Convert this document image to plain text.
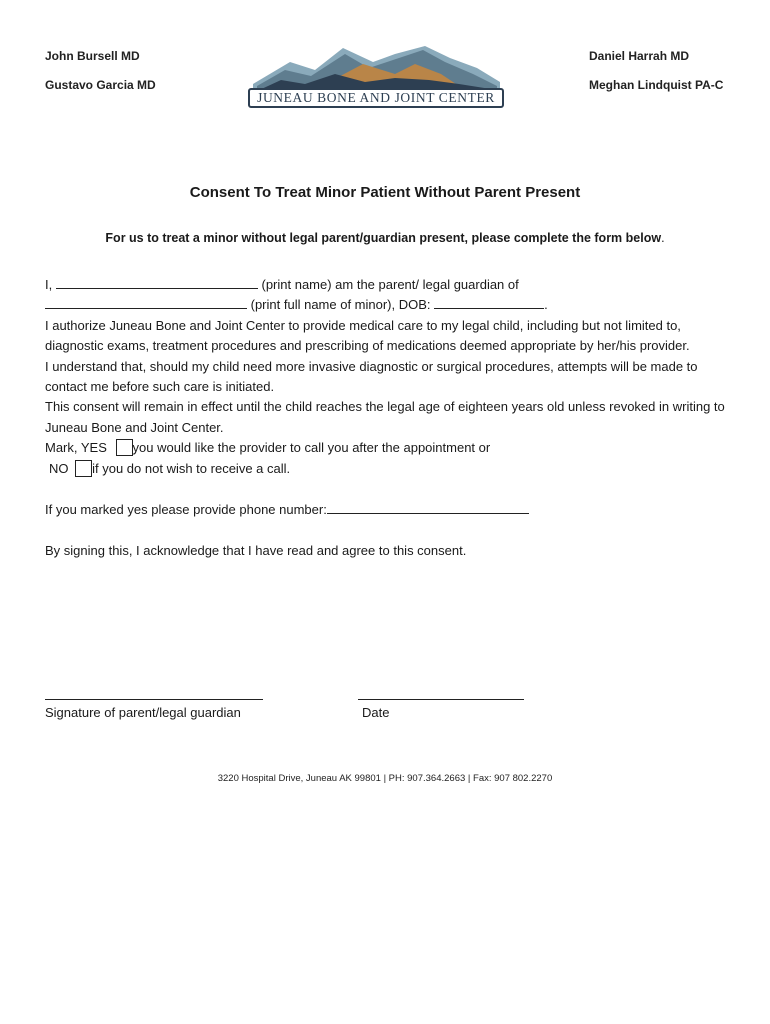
John Bursell MD
Gustavo Garcia MD
Daniel Harrah MD
Meghan Lindquist PA-C
JUNEAU BONE AND JOINT CENTER
Consent To Treat Minor Patient Without Parent Present
For us to treat a minor without legal parent/guardian present, please complete the form below.

I,	(print name) am the parent/ legal guardian of

(print full name of minor), DOB:	.

I authorize Juneau Bone and Joint Center to provide medical care to my legal child, including but not limited to, diagnostic exams, treatment procedures and prescribing of medications deemed appropriate by her/his provider.

I understand that, should my child need more invasive diagnostic or surgical procedures, attempts will be made to contact me before such care is initiated.

This consent will remain in effect until the child reaches the legal age of eighteen years old unless revoked in writing to Juneau Bone and Joint Center.

Mark, YES you would like the provider to call you after the appointment or

NO if you do not wish to receive a call.

If you marked yes please provide phone number:

By signing this, I acknowledge that I have read and agree to this consent.

Signature of parent/legal guardian	Date
3220 Hospital Drive, Juneau AK 99801 | PH: 907.364.2663 | Fax: 907 802.2270
